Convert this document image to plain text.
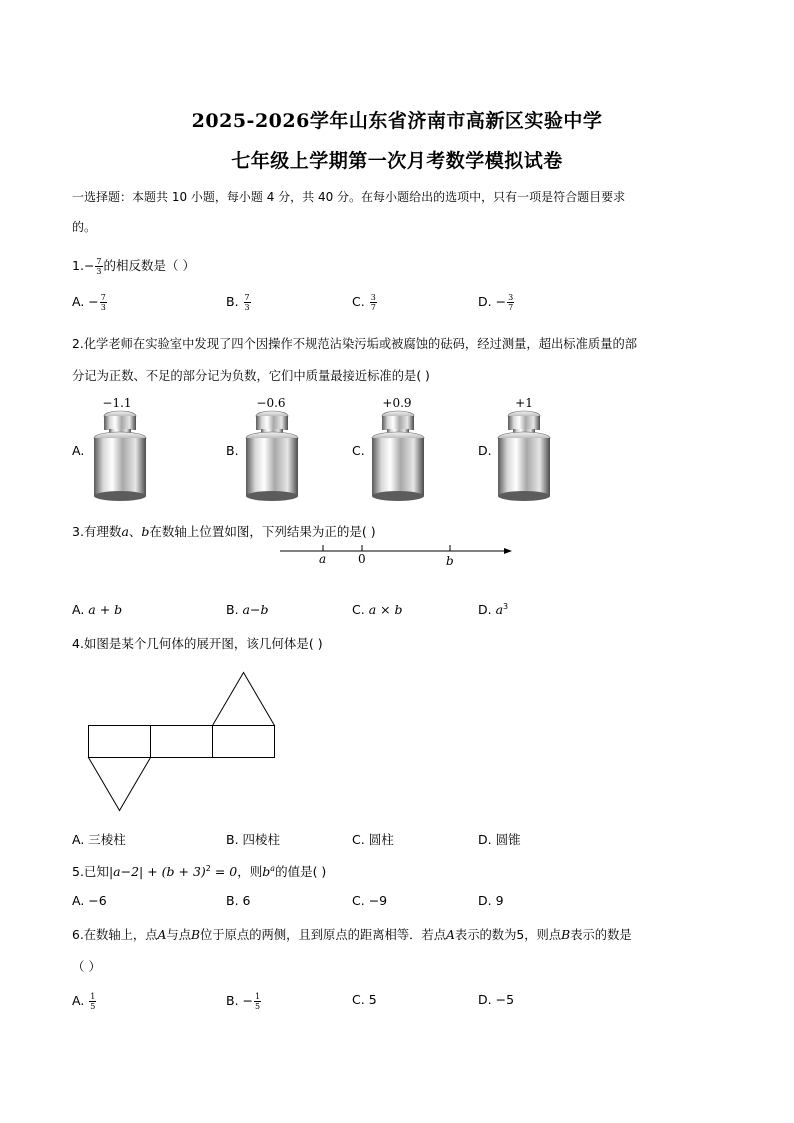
2025-2026学年山东省济南市高新区实验中学
七年级上学期第一次月考数学模拟试卷
一选择题：本题共 10 小题，每小题 4 分，共 40 分。在每小题给出的选项中，只有一项是符合题目要求
的。
$1.- \frac{7}{3}$ 的相反数是（ ）
A. − $\frac{7}{3}$	B. $\frac{7}{3}$	C. $\frac{3}{7}$	D. − $\frac{3}{7}$
2.化学老师在实验室中发现了四个因操作不规范沾染污垢或被腐蚀的砝码，经过测量，超出标准质量的部
分记为正数、不足的部分记为负数，它们中质量最接近标准的是( )
−1.1	−0.6	+0.9	+1
A.	B.	C.	D.
3.有理数a、b在数轴上位置如图，下列结果为正的是( )
a	0	b
A. a + b	B. a−b	C. a × b	D. $a^3$
4.如图是某个几何体的展开图，该几何体是( )
A. 三棱柱	B. 四棱柱	C. 圆柱	D. 圆锥
5.已知$|a-2| + (b + 3)^2 = 0$，则$b^a$的值是( )
A. −6	B. 6	C. −9	D. 9
6.在数轴上，点A与点B位于原点的两侧，且到原点的距离相等．若点A表示的数为5，则点B表示的数是
（ ）
A. $\frac{1}{5}$	B. − $\frac{1}{5}$	C. 5	D. −5
